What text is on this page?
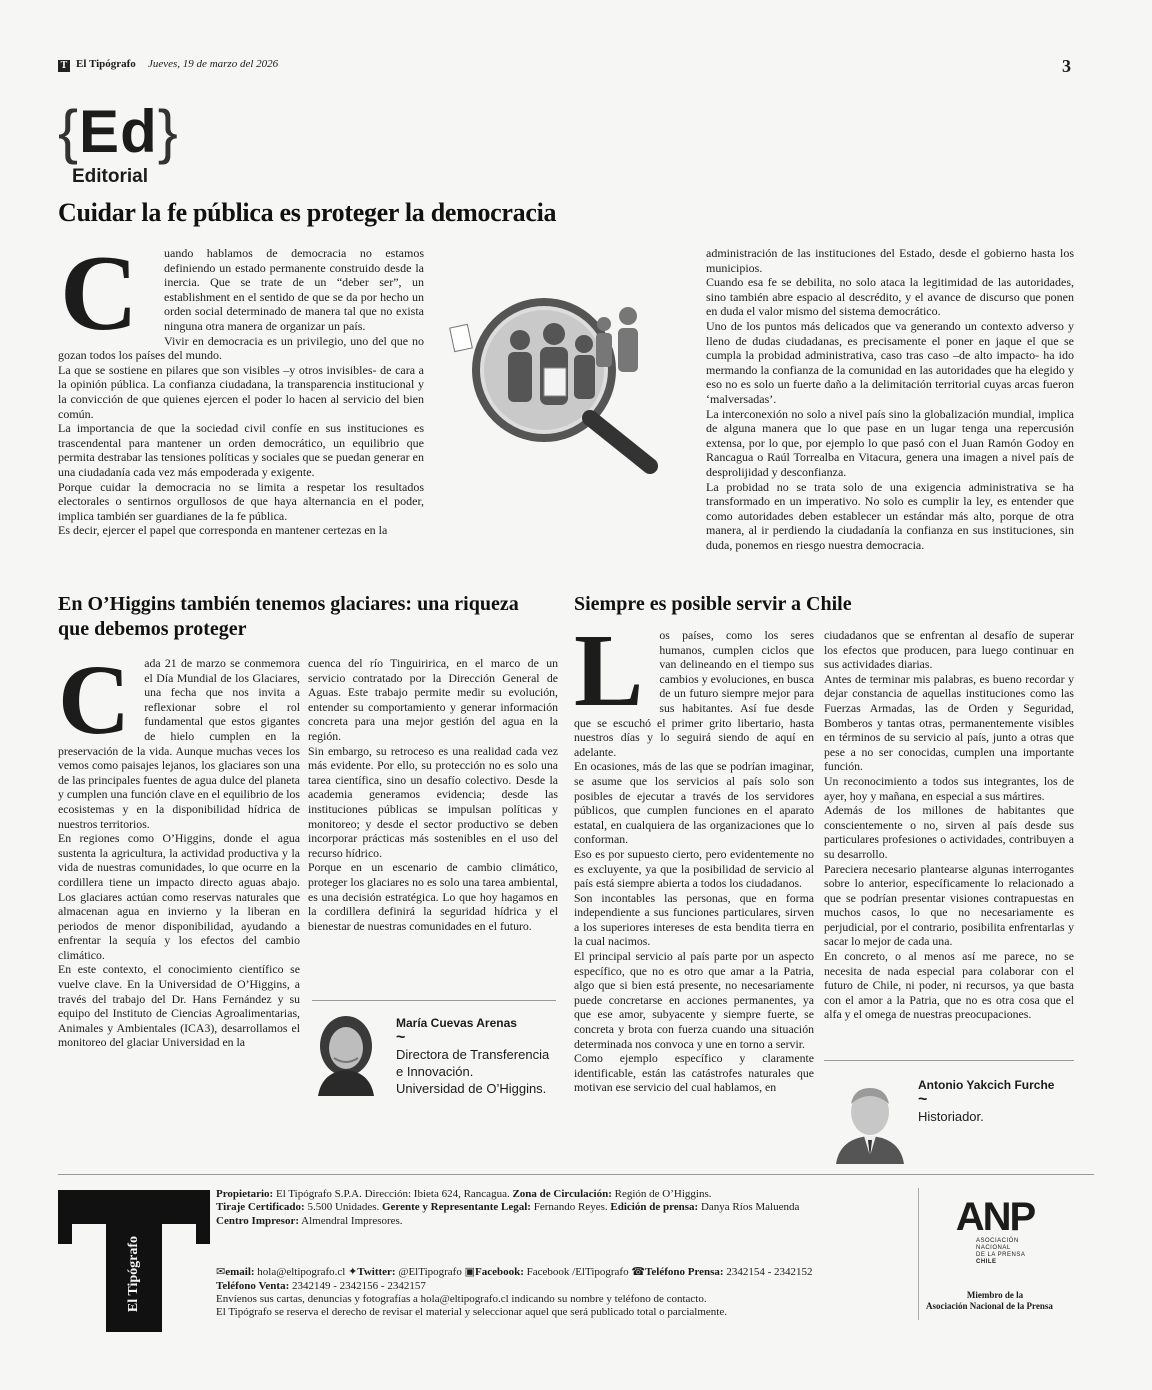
T El Tipógrafo Jueves, 19 de marzo del 2026	3
{Ed}
Editorial
Cuidar la fe pública es proteger la democracia
C	uando hablamos de democracia no estamos definiendo un estado permanente construido desde la inercia. Que se trate de un “deber ser”, un establishment en el sentido de que se da por hecho un orden social determinado de manera tal que no exista ninguna otra manera de organizar un país.

Vivir en democracia es un privilegio, uno del que no gozan todos los países del mundo.

La que se sostiene en pilares que son visibles –y otros invisibles- de cara a la opinión pública. La confianza ciudadana, la transparencia institucional y la convicción de que quienes ejercen el poder lo hacen al servicio del bien común.

La importancia de que la sociedad civil confíe en sus instituciones es trascendental para mantener un orden democrático, un equilibrio que permita destrabar las tensiones políticas y sociales que se puedan generar en una ciudadanía cada vez más empoderada y exigente.

Porque cuidar la democracia no se limita a respetar los resultados electorales o sentirnos orgullosos de que haya alternancia en el poder, implica también ser guardianes de la fe pública.

Es decir, ejercer el papel que corresponda en mantener certezas en la

administración de las instituciones del Estado, desde el gobierno hasta los municipios.

Cuando esa fe se debilita, no solo ataca la legitimidad de las autoridades, sino también abre espacio al descrédito, y el avance de discurso que ponen en duda el valor mismo del sistema democrático.

Uno de los puntos más delicados que va generando un contexto adverso y lleno de dudas ciudadanas, es precisamente el poner en jaque el que se cumpla la probidad administrativa, caso tras caso –de alto impacto- ha ido mermando la confianza de la comunidad en las autoridades que ha elegido y eso no es solo un fuerte daño a la delimitación territorial cuyas arcas fueron ‘malversadas’.

La interconexión no solo a nivel país sino la globalización mundial, implica de alguna manera que lo que pase en un lugar tenga una repercusión extensa, por lo que, por ejemplo lo que pasó con el Juan Ramón Godoy en Rancagua o Raúl Torrealba en Vitacura, genera una imagen a nivel país de desprolijidad y desconfianza.

La probidad no se trata solo de una exigencia administrativa se ha transformado en un imperativo. No solo es cumplir la ley, es entender que como autoridades deben establecer un estándar más alto, porque de otra manera, al ir perdiendo la ciudadanía la confianza en sus instituciones, sin duda, ponemos en riesgo nuestra democracia.

En O’Higgins también tenemos glaciares: una riqueza que debemos proteger
C	ada 21 de marzo se conmemora el Día Mundial de los Glaciares, una fecha que nos invita a reflexionar sobre el rol fundamental que estos gigantes de hielo cumplen en la preservación de la vida. Aunque muchas veces los vemos como paisajes lejanos, los glaciares son una de las principales fuentes de agua dulce del planeta y cumplen una función clave en el equilibrio de los ecosistemas y en la disponibilidad hídrica de nuestros territorios.

En regiones como O’Higgins, donde el agua sustenta la agricultura, la actividad productiva y la vida de nuestras comunidades, lo que ocurre en la cordillera tiene un impacto directo aguas abajo. Los glaciares actúan como reservas naturales que almacenan agua en invierno y la liberan en periodos de menor disponibilidad, ayudando a enfrentar la sequía y los efectos del cambio climático.

En este contexto, el conocimiento científico se vuelve clave. En la Universidad de O’Higgins, a través del trabajo del Dr. Hans Fernández y su equipo del Instituto de Ciencias Agroalimentarias, Animales y Ambientales (ICA3), desarrollamos el monitoreo del glaciar Universidad en la

cuenca del río Tinguiririca, en el marco de un servicio contratado por la Dirección General de Aguas. Este trabajo permite medir su evolución, entender su comportamiento y generar información concreta para una mejor gestión del agua en la región.

Sin embargo, su retroceso es una realidad cada vez más evidente. Por ello, su protección no es solo una tarea científica, sino un desafío colectivo. Desde la academia generamos evidencia; desde las instituciones públicas se impulsan políticas y monitoreo; y desde el sector productivo se deben incorporar prácticas más sostenibles en el uso del recurso hídrico.

Porque en un escenario de cambio climático, proteger los glaciares no es solo una tarea ambiental, es una decisión estratégica. Lo que hoy hagamos en la cordillera definirá la seguridad hídrica y el bienestar de nuestras comunidades en el futuro.

María Cuevas Arenas
~
Directora de Transferencia
e Innovación.
Universidad de O’Higgins.
Siempre es posible servir a Chile
L	os países, como los seres humanos, cumplen ciclos que van delineando en el tiempo sus cambios y evoluciones, en busca de un futuro siempre mejor para sus habitantes. Así fue desde que se escuchó el primer grito libertario, hasta nuestros días y lo seguirá siendo de aquí en adelante.

En ocasiones, más de las que se podrían imaginar, se asume que los servicios al país solo son posibles de ejecutar a través de los servidores públicos, que cumplen funciones en el aparato estatal, en cualquiera de las organizaciones que lo conforman.

Eso es por supuesto cierto, pero evidentemente no es excluyente, ya que la posibilidad de servicio al país está siempre abierta a todos los ciudadanos.

Son incontables las personas, que en forma independiente a sus funciones particulares, sirven a los superiores intereses de esta bendita tierra en la cual nacimos.

El principal servicio al país parte por un aspecto específico, que no es otro que amar a la Patria, algo que si bien está presente, no necesariamente puede concretarse en acciones permanentes, ya que ese amor, subyacente y siempre fuerte, se concreta y brota con fuerza cuando una situación determinada nos convoca y une en torno a servir.

Como ejemplo específico y claramente identificable, están las catástrofes naturales que motivan ese servicio del cual hablamos, en

ciudadanos que se enfrentan al desafío de superar los efectos que producen, para luego continuar en sus actividades diarias.

Antes de terminar mis palabras, es bueno recordar y dejar constancia de aquellas instituciones como las Fuerzas Armadas, las de Orden y Seguridad, Bomberos y tantas otras, permanentemente visibles en términos de su servicio al país, junto a otras que pese a no ser conocidas, cumplen una importante función.

Un reconocimiento a todos sus integrantes, los de ayer, hoy y mañana, en especial a sus mártires.

Además de los millones de habitantes que conscientemente o no, sirven al país desde sus particulares profesiones o actividades, contribuyen a su desarrollo.

Pareciera necesario plantearse algunas interrogantes sobre lo anterior, específicamente lo relacionado a que se podrían presentar visiones contrapuestas en muchos casos, lo que no necesariamente es perjudicial, por el contrario, posibilita enfrentarlas y sacar lo mejor de cada una.

En concreto, o al menos así me parece, no se necesita de nada especial para colaborar con el futuro de Chile, ni poder, ni recursos, ya que basta con el amor a la Patria, que no es otra cosa que el alfa y el omega de nuestras preocupaciones.

Antonio Yakcich Furche
~
Historiador.
El Tipógrafo
Propietario: El Tipógrafo S.P.A. Dirección: Ibieta 624, Rancagua. Zona de Circulación: Región de O’Higgins.
Tiraje Certificado: 5.500 Unidades. Gerente y Representante Legal: Fernando Reyes. Edición de prensa: Danya Ríos Maluenda
Centro Impresor: Almendral Impresores.
✉email: hola@eltipografo.cl ✦Twitter: @ElTipografo ▣Facebook: Facebook /ElTipografo ☎Teléfono Prensa: 2342154 - 2342152
Teléfono Venta: 2342149 - 2342156 - 2342157
Envíenos sus cartas, denuncias y fotografías a hola@eltipografo.cl indicando su nombre y teléfono de contacto.
El Tipógrafo se reserva el derecho de revisar el material y seleccionar aquel que será publicado total o parcialmente.
ANP
ASOCIACIÓN
NACIONAL
DE LA PRENSA
CHILE
Miembro de la
Asociación Nacional de la Prensa
